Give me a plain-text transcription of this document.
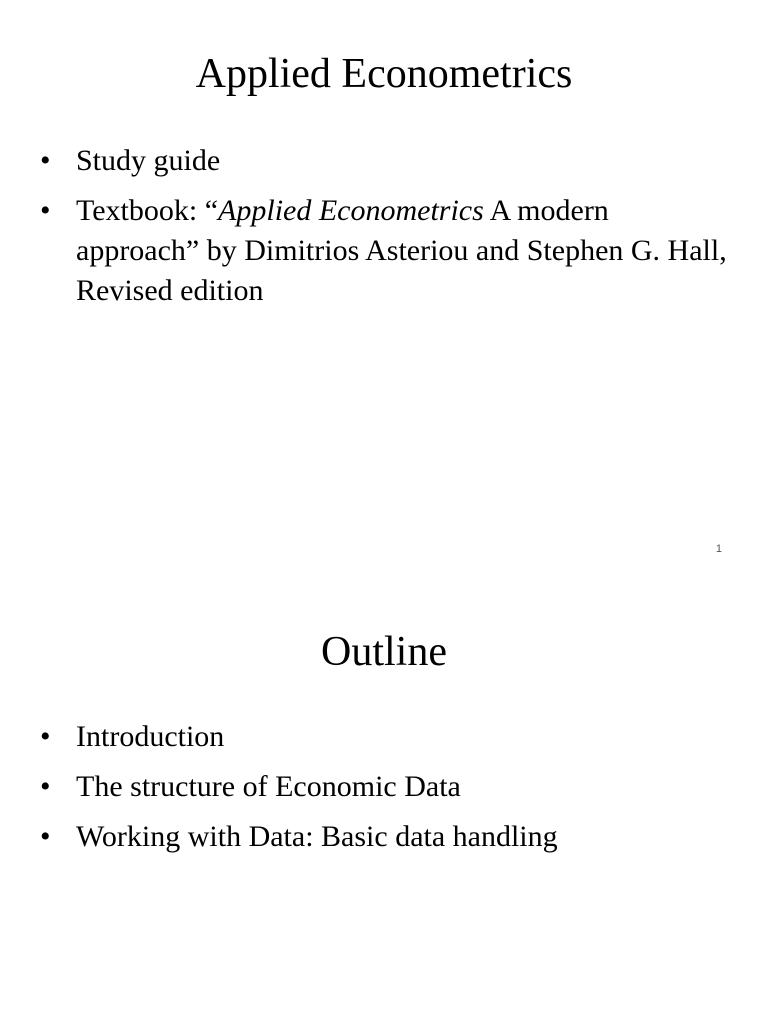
Applied Econometrics
• Study guide
• Textbook: “Applied Econometrics A modern approach” by Dimitrios Asteriou and Stephen G. Hall, Revised edition
1
Outline
• Introduction
• The structure of Economic Data
• Working with Data: Basic data handling
